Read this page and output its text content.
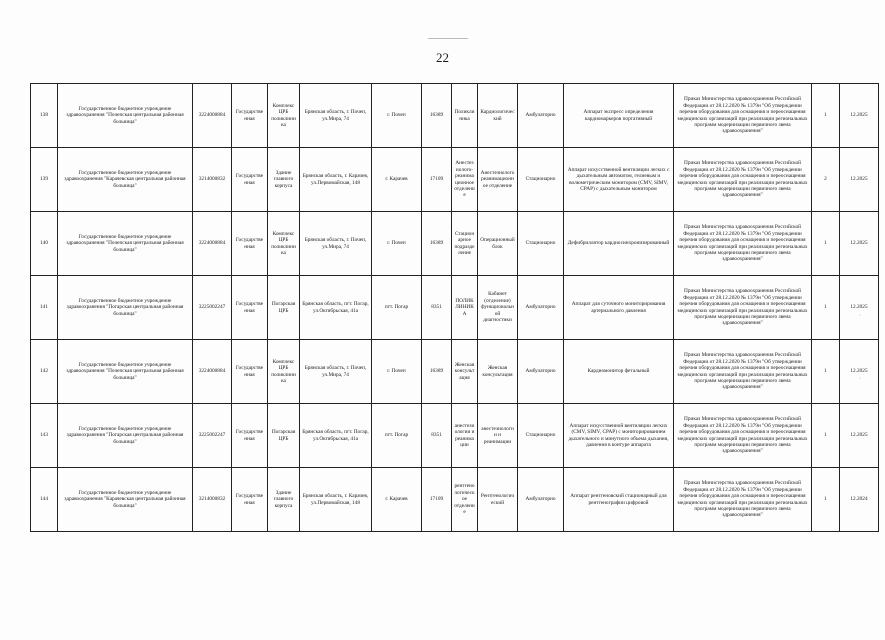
22
138	Государственное бюджетное учреждение здравоохранения "Почепская центральная районная больница"	3224000884	Государстве нная	Комплекс ЦРБ поликлиника	Брянская область, г. Почеп, ул.Мира, 74	г. Почеп	16389	Поликлиника	Кардиологический	Амбулаторно	Аппарат экспресс определения кардиомаркеров портативный	Приказ Министерства здравоохранения Российской Федерации от 28.12.2020 № 1379н "Об утверждении перечня оборудования для оснащения и переоснащения медицинских организаций при реализации региональных программ модернизации первичного звена здравоохранения"	1	12.2025
139	Государственное бюджетное учреждение здравоохранения "Карачевская центральная районная больница"	3214000832	Государстве нная	Здание главного корпуса	Брянская область, г. Карачев, ул.Первомайская, 148	г. Карачев	17109	Анестезиолого-реанимационное отделение	Анестезиологореанимационное отделение	Стационарно	Аппарат искусственной вентиляции легких с дыхательным автоматом, гелиевым и волюметрическим монитором (CMV, SIMV, CPAP) с дыхательным монитором	Приказ Министерства здравоохранения Российской Федерации от 28.12.2020 № 1379н "Об утверждении перечня оборудования для оснащения и переоснащения медицинских организаций при реализации региональных программ модернизации первичного звена здравоохранения"	2	12.2025
140	Государственное бюджетное учреждение здравоохранения "Почепская центральная районная больница"	3224000884	Государстве нная	Комплекс ЦРБ поликлиника	Брянская область, г. Почеп, ул.Мира, 74	г. Почеп	16389	Стационарное подразделение	Операционный блок	Стационарно	Дефибриллятор кардиосинхронизированный	Приказ Министерства здравоохранения Российской Федерации от 28.12.2020 № 1379н "Об утверждении перечня оборудования для оснащения и переоснащения медицинских организаций при реализации региональных программ модернизации первичного звена здравоохранения"	1	12.2025
141	Государственное бюджетное учреждение здравоохранения "Погарская центральная районная больница"	3225002247	Государстве нная	Погарская ЦРБ	Брянская область, пгт. Погар, ул.Октябрьская, 41а	пгт. Погар	8351	ПОЛИКЛИНИКА	Кабинет (отделение) функциональной диагностики	Амбулаторно	Аппарат для суточного мониторирования артериального давления	Приказ Министерства здравоохранения Российской Федерации от 28.12.2020 № 1379н "Об утверждении перечня оборудования для оснащения и переоснащения медицинских организаций при реализации региональных программ модернизации первичного звена здравоохранения"	1	12.2025
142	Государственное бюджетное учреждение здравоохранения "Почепская центральная районная больница"	3224000884	Государстве нная	Комплекс ЦРБ поликлиника	Брянская область, г. Почеп, ул.Мира, 74	г. Почеп	16389	Женская консультация	Женская консультация	Амбулаторно	Кардиомонитор фетальный	Приказ Министерства здравоохранения Российской Федерации от 28.12.2020 № 1379н "Об утверждении перечня оборудования для оснащения и переоснащения медицинских организаций при реализации региональных программ модернизации первичного звена здравоохранения"	1	12.2025
143	Государственное бюджетное учреждение здравоохранения "Погарская центральная районная больница"	3225002247	Государстве нная	Погарская ЦРБ	Брянская область, пгт. Погар, ул.Октябрьская, 41а	пгт. Погар	8351	анестезиологии и реанимации	анестезиологии и реанимации	Стационарно	Аппарат искусственной вентиляции легких (CMV, SIMV, CPAP) с мониторированием дыхательного и минутного объема дыхания, давления в контуре аппарата	Приказ Министерства здравоохранения Российской Федерации от 28.12.2020 № 1379н "Об утверждении перечня оборудования для оснащения и переоснащения медицинских организаций при реализации региональных программ модернизации первичного звена здравоохранения"	1	12.2025
144	Государственное бюджетное учреждение здравоохранения "Карачевская центральная районная больница"	3214000832	Государстве нная	Здание главного корпуса	Брянская область, г. Карачев, ул.Первомайская, 148	г. Карачев	17109	рентгенологическое отделение	Рентгенологический	Амбулаторно	Аппарат рентгеновский стационарный для рентгенографии цифровой	Приказ Министерства здравоохранения Российской Федерации от 28.12.2020 № 1379н "Об утверждении перечня оборудования для оснащения и переоснащения медицинских организаций при реализации региональных программ модернизации первичного звена здравоохранения"	1	12.2024
·
·
